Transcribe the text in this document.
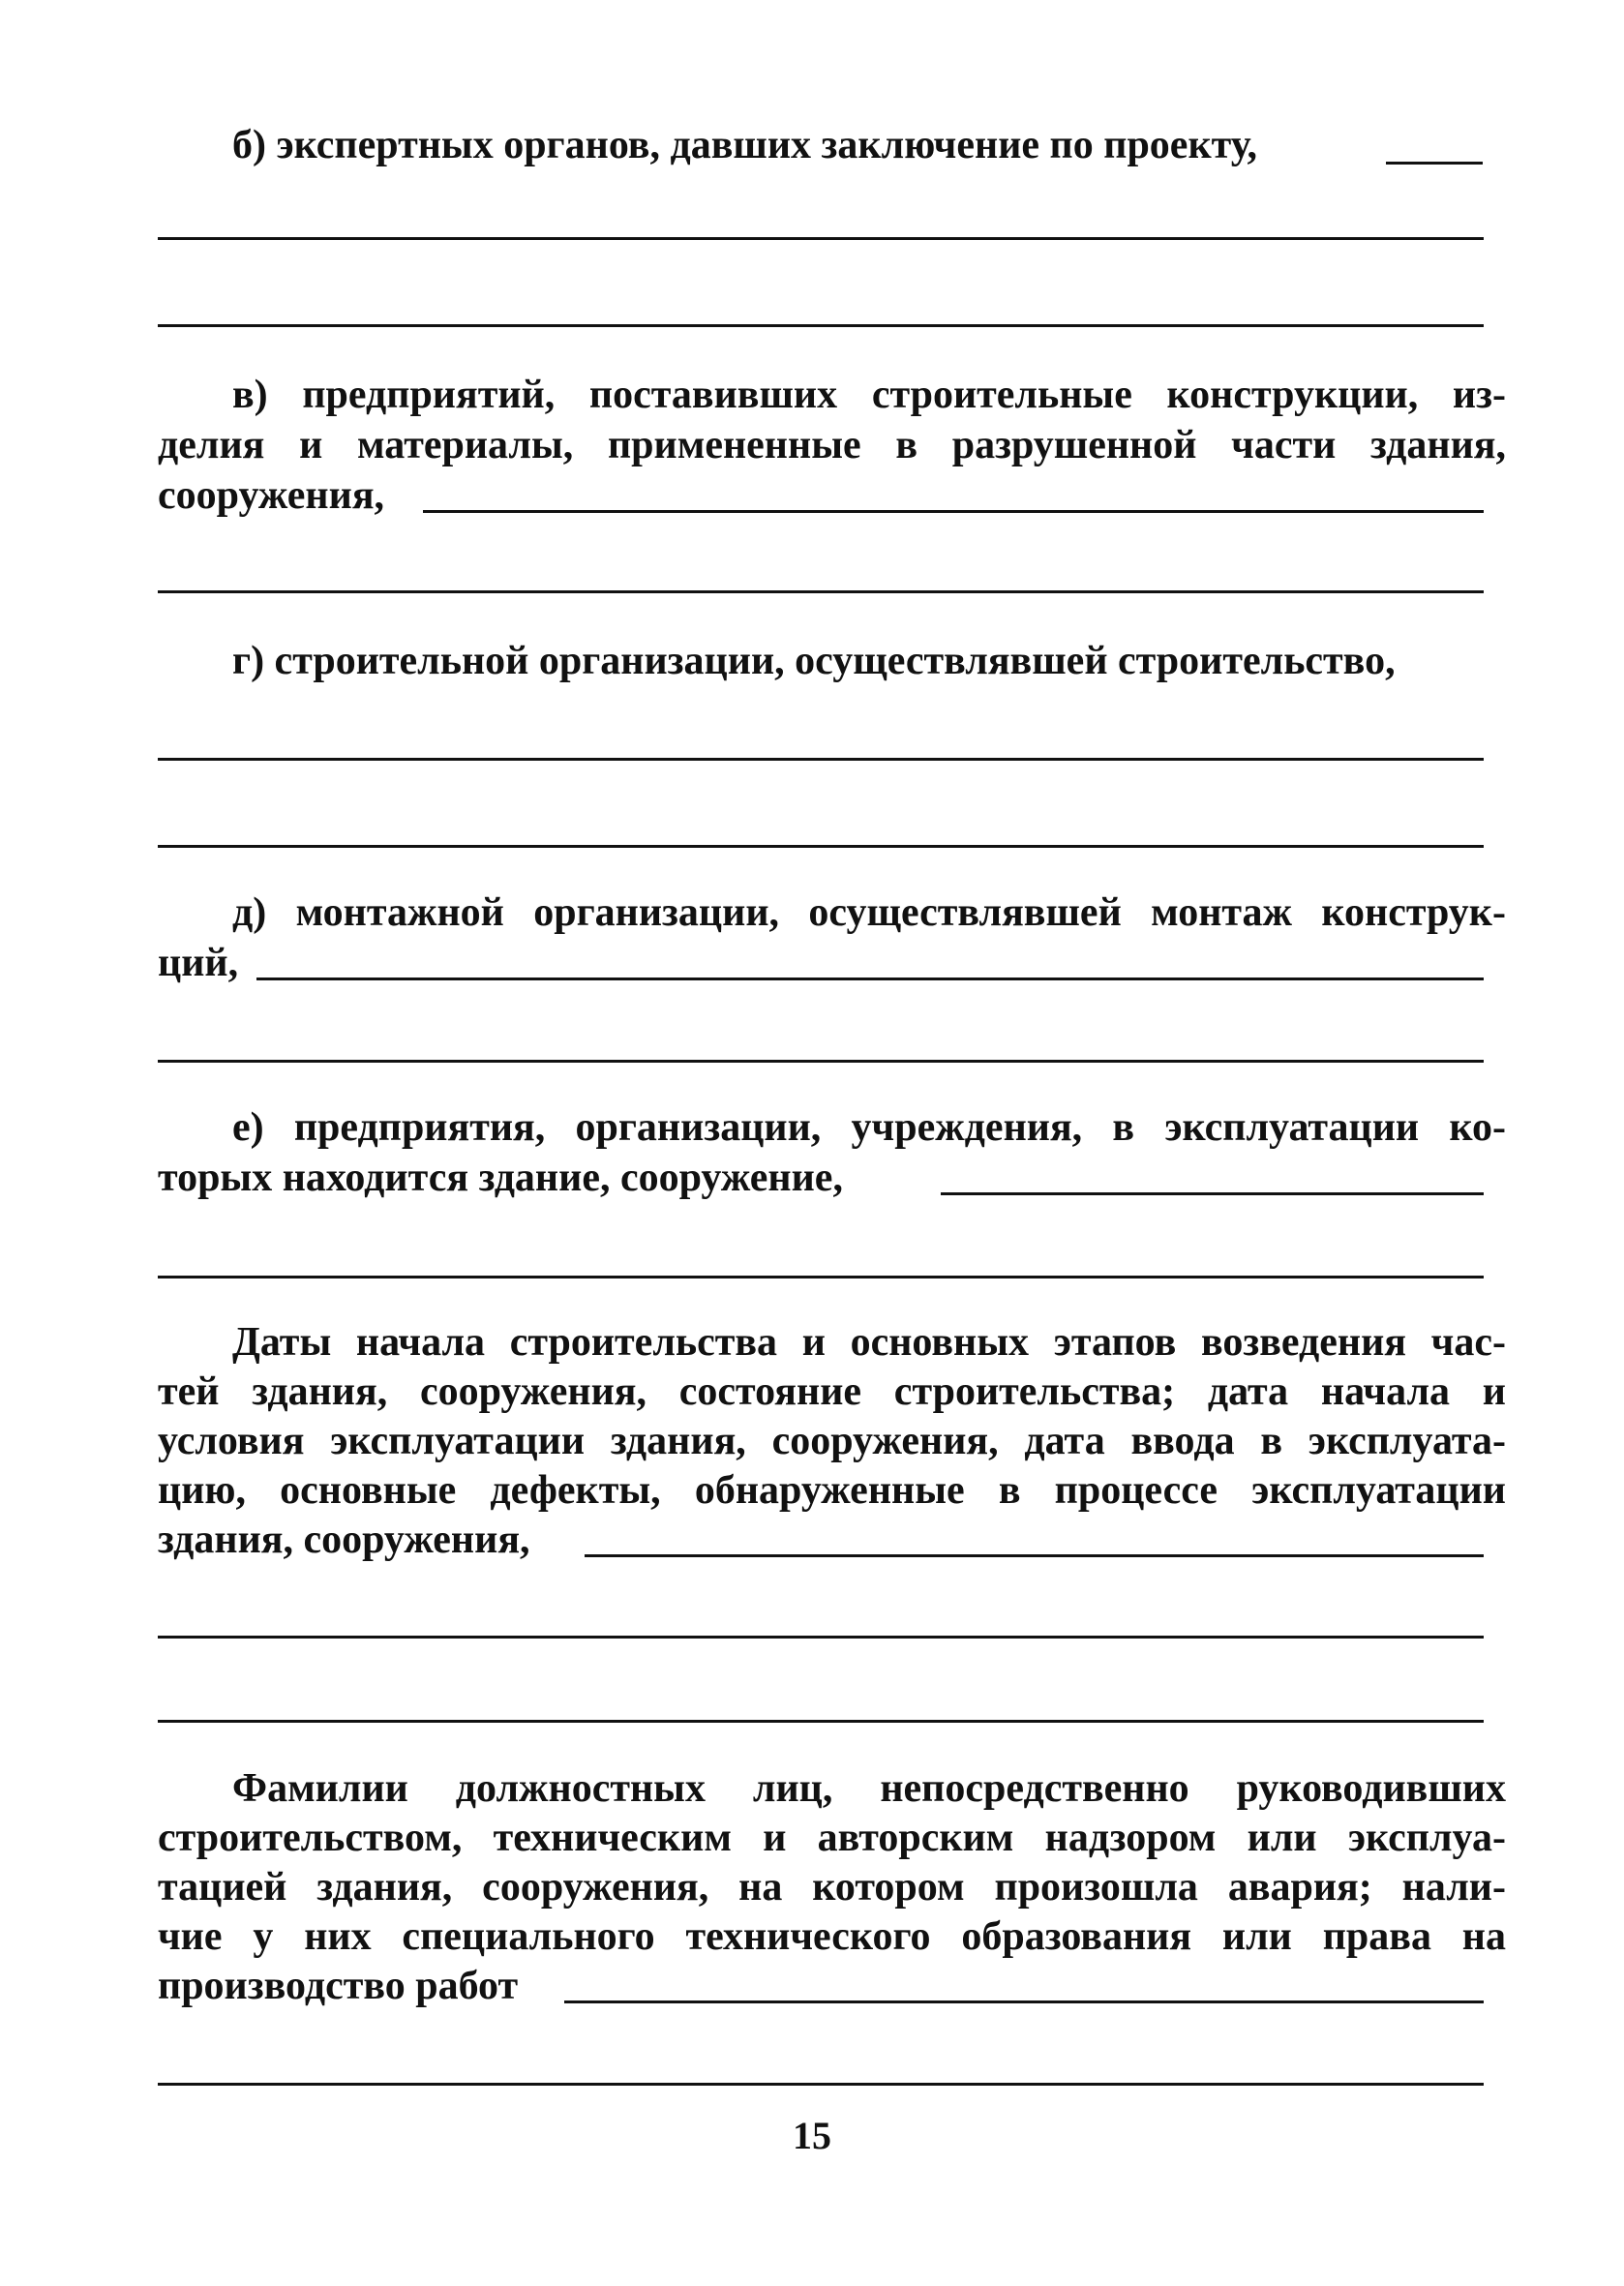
б) экспертных органов, давших заключение по проекту,
в) предприятий, поставивших строительные конструкции, из-
делия и материалы, примененные в разрушенной части здания,
сооружения,
г) строительной организации, осуществлявшей строительство,
д) монтажной организации, осуществлявшей монтаж конструк-
ций,
е) предприятия, организации, учреждения, в эксплуатации ко-
торых находится здание, сооружение,
Даты начала строительства и основных этапов возведения час-
тей здания, сооружения, состояние строительства; дата начала и
условия эксплуатации здания, сооружения, дата ввода в эксплуата-
цию, основные дефекты, обнаруженные в процессе эксплуатации
здания, сооружения,
Фамилии должностных лиц, непосредственно руководивших
строительством, техническим и авторским надзором или эксплуа-
тацией здания, сооружения, на котором произошла авария; нали-
чие у них специального технического образования или права на
производство работ
15
